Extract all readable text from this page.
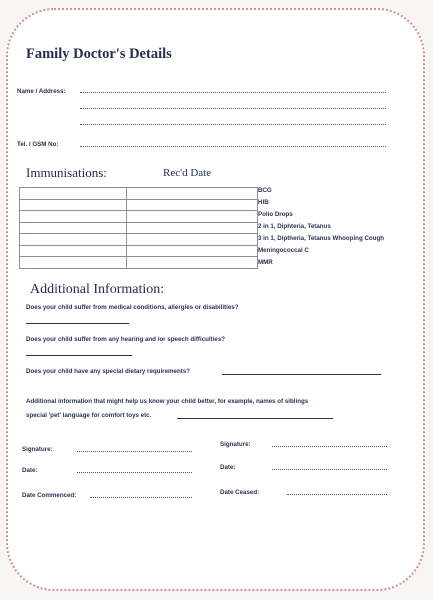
Family Doctor's Details
Name / Address:
Tel. / GSM No:
Immunisations:	Rec'd Date

BCG
HIB
Polio Drops
2 in 1, Diphteria, Tetanus
3 in 1, Diptheria, Tetanus Whooping Cough
Meningococcal C
MMR
Additional Information:
Does your child suffer from medical conditions, allergies or disabilities?
Does your child suffer from any hearing and /or speech difficulties?
Does your child have any special dietary requirements?
Additional information that might help us know your child better, for example, names of siblings
special 'pet' language for comfort toys etc.
Signature:
Signature:
Date:	Date:
Date Commenced:	Date Ceased:
